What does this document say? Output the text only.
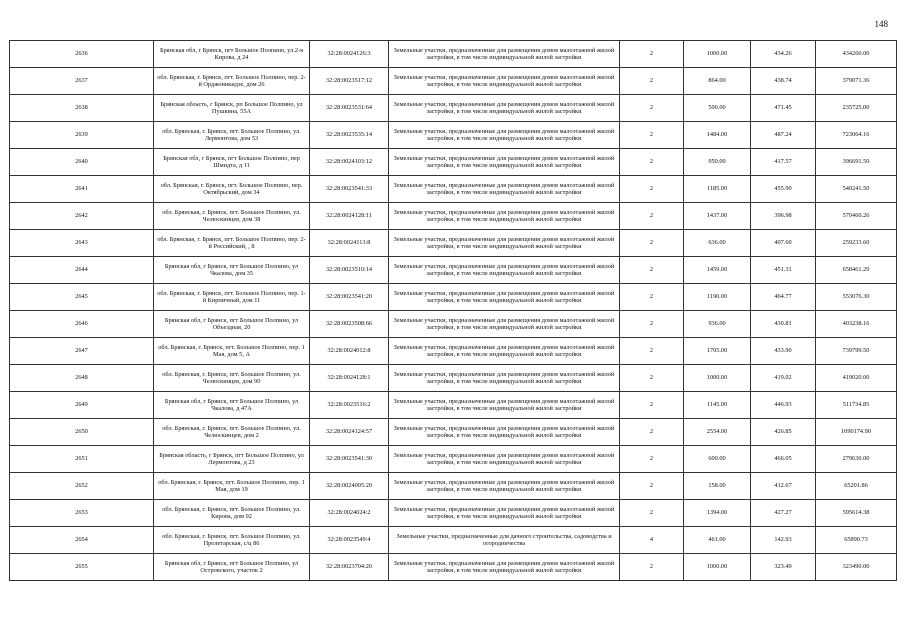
148
2636	Брянская обл, г Брянск, пгт Большое Полпино, ул.2-я Кирова, д 24	32:28:0024126:3	Земельные участки, предназначенные для размещения домов малоэтажной жилой застройки, в том числе индивидуальной жилой застройки	2	1000.00	434.26	434260.00
2637	обл. Брянская, г. Брянск, пгт. Большое Полпино, пер. 2-й Орджоникидзе, дом 26	32:28:0023517:12	Земельные участки, предназначенные для размещения домов малоэтажной жилой застройки, в том числе индивидуальной жилой застройки	2	864.00	438.74	379071.36
2638	Брянская область, г Брянск, рп Большое Полпино, ул Пушкина, 55А	32:28:0023531:64	Земельные участки, предназначенные для размещения домов малоэтажной жилой застройки, в том числе индивидуальной жилой застройки	2	500.00	471.45	235725.00
2639	обл. Брянская, г. Брянск, пгт. Большое Полпино, ул. Лермонтова, дом 53	32:28:0023535:14	Земельные участки, предназначенные для размещения домов малоэтажной жилой застройки, в том числе индивидуальной жилой застройки	2	1484.00	487.24	723064.16
2640	Брянская обл, г Брянск, пгт Большое Полпино, пер Шмидта, д 11	32:28:0024103:12	Земельные участки, предназначенные для размещения домов малоэтажной жилой застройки, в том числе индивидуальной жилой застройки	2	950.00	417.57	396691.50
2641	обл. Брянская, г. Брянск, пгт. Большое Полпино, пер. Октябрьский, дом 34	32:28:0023541:33	Земельные участки, предназначенные для размещения домов малоэтажной жилой застройки, в том числе индивидуальной жилой застройки	2	1185.00	455.90	540241.50
2642	обл. Брянская, г. Брянск, пгт. Большое Полпино, ул. Челюскинцев, дом 38	32:28:0024128:11	Земельные участки, предназначенные для размещения домов малоэтажной жилой застройки, в том числе индивидуальной жилой застройки	2	1437.00	396.98	570460.26
2643	обл. Брянская, г. Брянск, пгт. Большое Полпино, пер. 2-й Российский, , 8	32:28:0024113:8	Земельные участки, предназначенные для размещения домов малоэтажной жилой застройки, в том числе индивидуальной жилой застройки	2	636.00	407.60	259233.60
2644	Брянская обл, г Брянск, пгт Большое Полпино, ул Чкалова, дом 35	32:28:0023510:14	Земельные участки, предназначенные для размещения домов малоэтажной жилой застройки, в том числе индивидуальной жилой застройки	2	1459.00	451.31	658461.29
2645	обл. Брянская, г. Брянск, пгт. Большое Полпино, пер. 1-й Кирпичный, дом 11	32:28:0023541:20	Земельные участки, предназначенные для размещения домов малоэтажной жилой застройки, в том числе индивидуальной жилой застройки	2	1190.00	464.77	553076.30
2646	Брянская обл, г Брянск, пгт Большое Полпино, ул Объездная, 20	32:28:0023508:66	Земельные участки, предназначенные для размещения домов малоэтажной жилой застройки, в том числе индивидуальной жилой застройки	2	936.00	430.81	403238.16
2647	обл. Брянская, г. Брянск, пгт. Большое Полпино, пер. 1 Мая, дом 5, А	32:28:0024012:8	Земельные участки, предназначенные для размещения домов малоэтажной жилой застройки, в том числе индивидуальной жилой застройки	2	1705.00	433.90	739799.50
2648	обл. Брянская, г. Брянск, пгт. Большое Полпино, ул. Челюскинцев, дом 90	32:28:0024128:1	Земельные участки, предназначенные для размещения домов малоэтажной жилой застройки, в том числе индивидуальной жилой застройки	2	1000.00	419.02	419020.00
2649	Брянская обл, г Брянск, пгт Большое Полпино, ул Чкалова, д 47А	32:28:0023516:2	Земельные участки, предназначенные для размещения домов малоэтажной жилой застройки, в том числе индивидуальной жилой застройки	2	1145.00	446.93	511734.85
2650	обл. Брянская, г. Брянск, пгт. Большое Полпино, ул. Челюскинцев, дом 2	32:28:0024124:57	Земельные участки, предназначенные для размещения домов малоэтажной жилой застройки, в том числе индивидуальной жилой застройки	2	2554.00	426.85	1090174.90
2651	Брянская область, г Брянск, пгт Большое Полпино, ул Лермонтова, д 23	32:28:0023541:30	Земельные участки, предназначенные для размещения домов малоэтажной жилой застройки, в том числе индивидуальной жилой застройки	2	600.00	466.05	279630.00
2652	обл. Брянская, г. Брянск, пгт. Большое Полпино, пер. 1 Мая, дом 19	32:28:0024005:20	Земельные участки, предназначенные для размещения домов малоэтажной жилой застройки, в том числе индивидуальной жилой застройки	2	158.00	412.67	65201.86
2653	обл. Брянская, г. Брянск, пгт. Большое Полпино, ул. Кирова, дом 92	32:28:0024024:2	Земельные участки, предназначенные для размещения домов малоэтажной жилой застройки, в том числе индивидуальной жилой застройки	2	1394.00	427.27	595614.38
2654	обл. Брянская, г. Брянск, пгт. Большое Полпино, ул. Пролетарская, с/ц 86	32:28:0023549:4	Земельные участки, предназначенные для дачного строительства, садоводства и огородничества	4	461.00	142.93	65890.73
2655	Брянская обл, г Брянск, пгт Большое Полпино, ул Островского, участок 2	32:28:0023704:20	Земельные участки, предназначенные для размещения домов малоэтажной жилой застройки, в том числе индивидуальной жилой застройки	2	1000.00	323.49	323490.00
